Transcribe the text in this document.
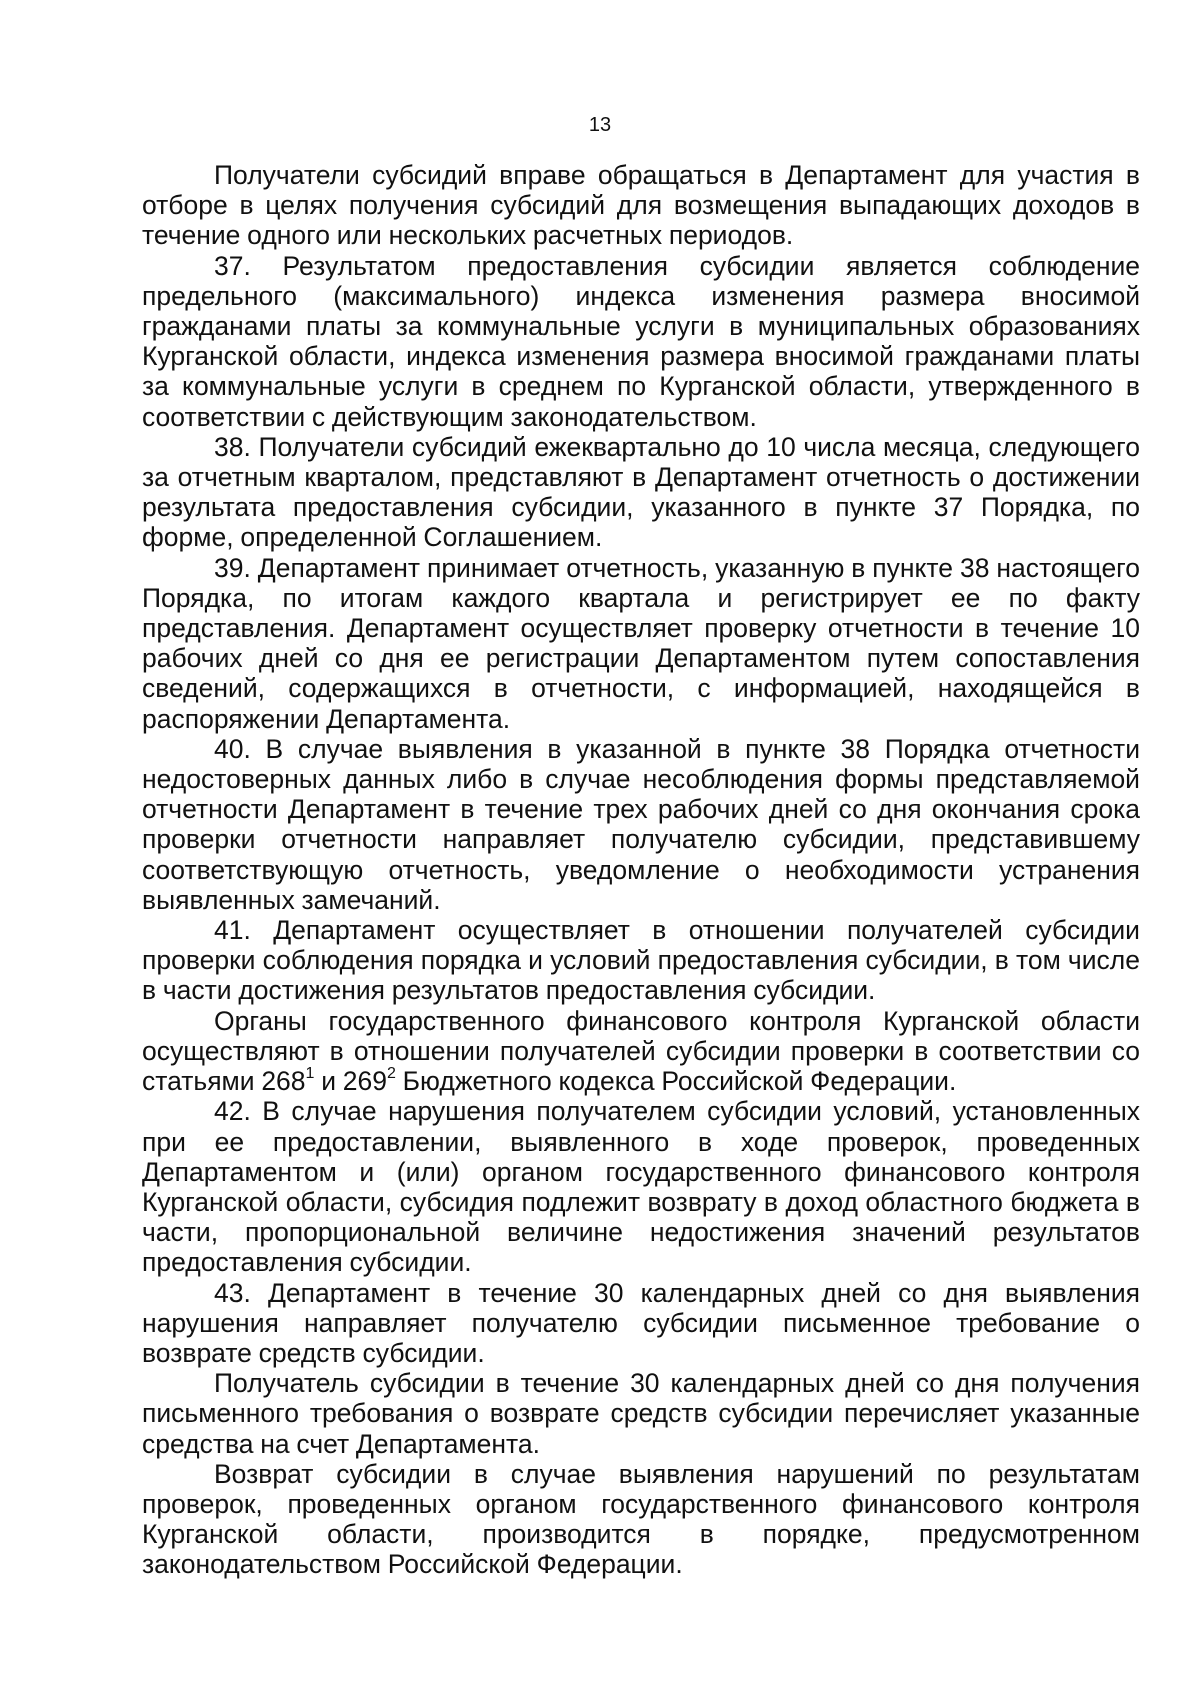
13

Получатели субсидий вправе обращаться в Департамент для участия в отборе в целях получения субсидий для возмещения выпадающих доходов в течение одного или нескольких расчетных периодов.

37. Результатом предоставления субсидии является соблюдение предельного (максимального) индекса изменения размера вносимой гражданами платы за коммунальные услуги в муниципальных образованиях Курганской области, индекса изменения размера вносимой гражданами платы за коммунальные услуги в среднем по Курганской области, утвержденного в соответствии с действующим законодательством.

38. Получатели субсидий ежеквартально до 10 числа месяца, следующего за отчетным кварталом, представляют в Департамент отчетность о достижении результата предоставления субсидии, указанного в пункте 37 Порядка, по форме, определенной Соглашением.

39. Департамент принимает отчетность, указанную в пункте 38 настоящего Порядка, по итогам каждого квартала и регистрирует ее по факту представления. Департамент осуществляет проверку отчетности в течение 10 рабочих дней со дня ее регистрации Департаментом путем сопоставления сведений, содержащихся в отчетности, с информацией, находящейся в распоряжении Департамента.

40. В случае выявления в указанной в пункте 38 Порядка отчетности недостоверных данных либо в случае несоблюдения формы представляемой отчетности Департамент в течение трех рабочих дней со дня окончания срока проверки отчетности направляет получателю субсидии, представившему соответствующую отчетность, уведомление о необходимости устранения выявленных замечаний.

41. Департамент осуществляет в отношении получателей субсидии проверки соблюдения порядка и условий предоставления субсидии, в том числе в части достижения результатов предоставления субсидии.

Органы государственного финансового контроля Курганской области осуществляют в отношении получателей субсидии проверки в соответствии со статьями $268^1$ и $269^2$ Бюджетного кодекса Российской Федерации.

42. В случае нарушения получателем субсидии условий, установленных при ее предоставлении, выявленного в ходе проверок, проведенных Департаментом и (или) органом государственного финансового контроля Курганской области, субсидия подлежит возврату в доход областного бюджета в части, пропорциональной величине недостижения значений результатов предоставления субсидии.

43. Департамент в течение 30 календарных дней со дня выявления нарушения направляет получателю субсидии письменное требование о возврате средств субсидии.

Получатель субсидии в течение 30 календарных дней со дня получения письменного требования о возврате средств субсидии перечисляет указанные средства на счет Департамента.

Возврат субсидии в случае выявления нарушений по результатам проверок, проведенных органом государственного финансового контроля Курганской области, производится в порядке, предусмотренном законодательством Российской Федерации.
